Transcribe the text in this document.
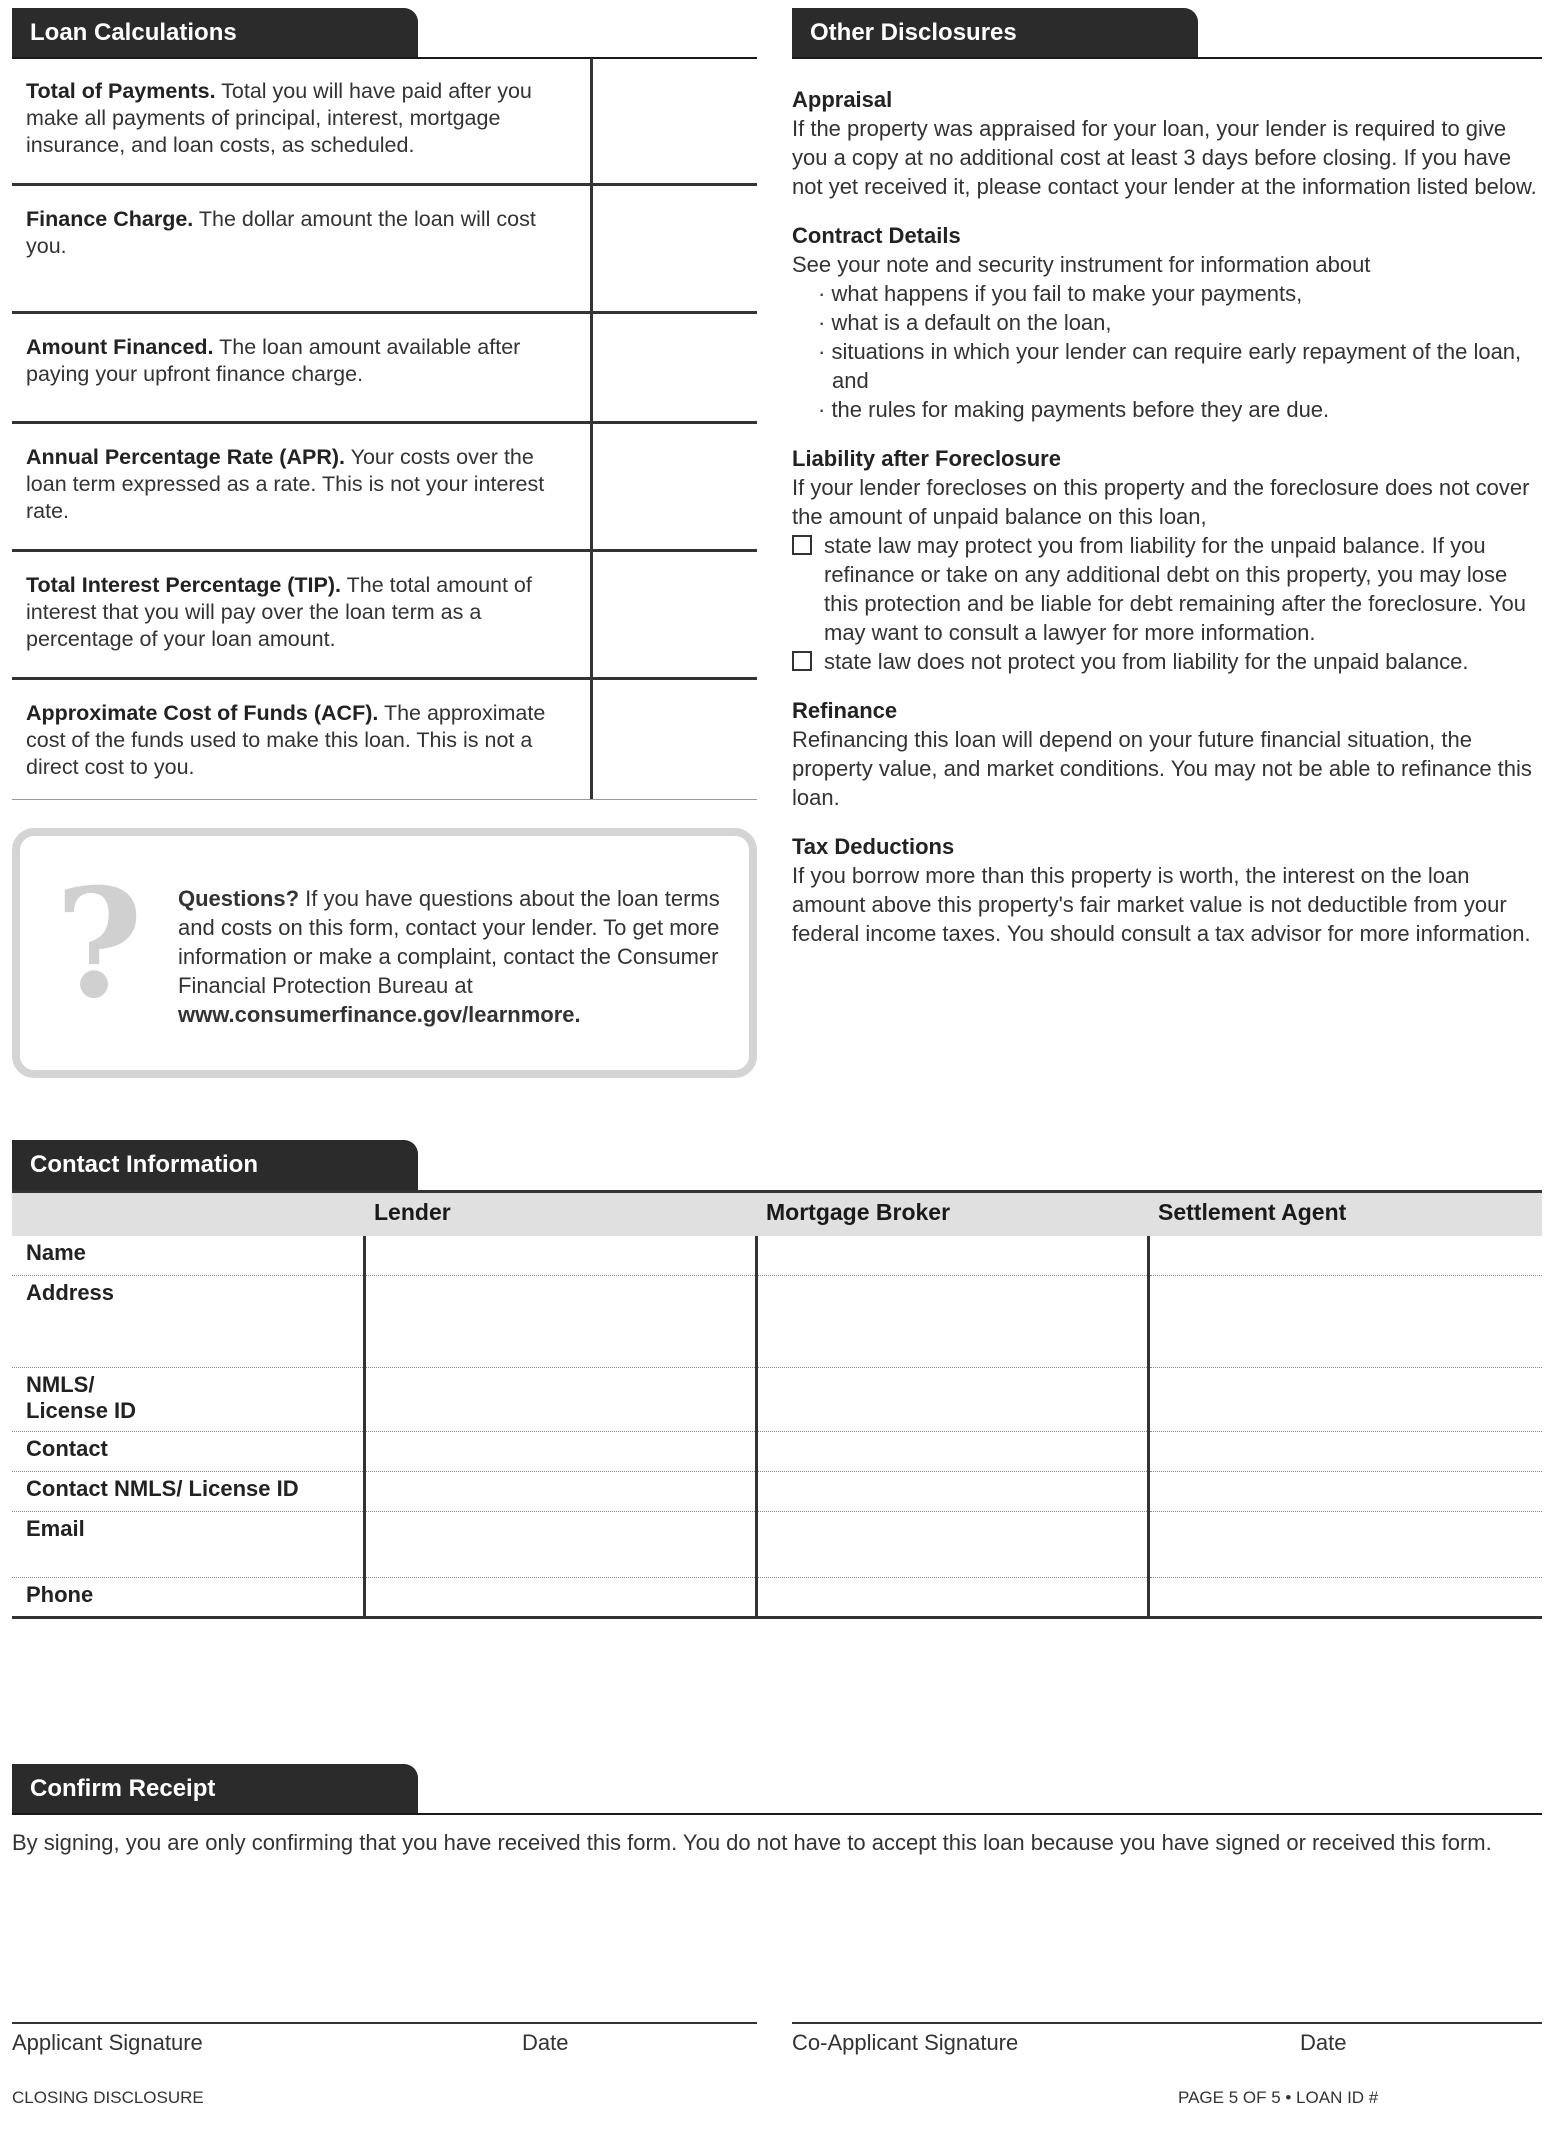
Loan Calculations
Total of Payments. Total you will have paid after you make all payments of principal, interest, mortgage insurance, and loan costs, as scheduled.
Finance Charge. The dollar amount the loan will cost you.
Amount Financed. The loan amount available after paying your upfront finance charge.
Annual Percentage Rate (APR). Your costs over the loan term expressed as a rate. This is not your interest rate.
Total Interest Percentage (TIP). The total amount of interest that you will pay over the loan term as a percentage of your loan amount.
Approximate Cost of Funds (ACF). The approximate cost of the funds used to make this loan. This is not a direct cost to you.
? Questions? If you have questions about the loan terms and costs on this form, contact your lender. To get more information or make a complaint, contact the Consumer Financial Protection Bureau at www.consumerfinance.gov/learnmore.
Other Disclosures
Appraisal
If the property was appraised for your loan, your lender is required to give you a copy at no additional cost at least 3 days before closing. If you have not yet received it, please contact your lender at the information listed below.
Contract Details
See your note and security instrument for information about
· what happens if you fail to make your payments,
· what is a default on the loan,
· situations in which your lender can require early repayment of the loan, and
· the rules for making payments before they are due.
Liability after Foreclosure
If your lender forecloses on this property and the foreclosure does not cover the amount of unpaid balance on this loan,
state law may protect you from liability for the unpaid balance. If you refinance or take on any additional debt on this property, you may lose this protection and be liable for debt remaining after the foreclosure. You may want to consult a lawyer for more information.
state law does not protect you from liability for the unpaid balance.
Refinance
Refinancing this loan will depend on your future financial situation, the property value, and market conditions. You may not be able to refinance this loan.
Tax Deductions
If you borrow more than this property is worth, the interest on the loan amount above this property's fair market value is not deductible from your federal income taxes. You should consult a tax advisor for more information.
Contact Information
	Lender	Mortgage Broker	Settlement Agent
Name			
Address			
NMLS/
License ID			
Contact			
Contact NMLS/ License ID			
Email			
Phone			
Confirm Receipt
By signing, you are only confirming that you have received this form. You do not have to accept this loan because you have signed or received this form.
Applicant Signature	Date	Co-Applicant Signature	Date
CLOSING DISCLOSURE	PAGE 5 OF 5 • LOAN ID #
